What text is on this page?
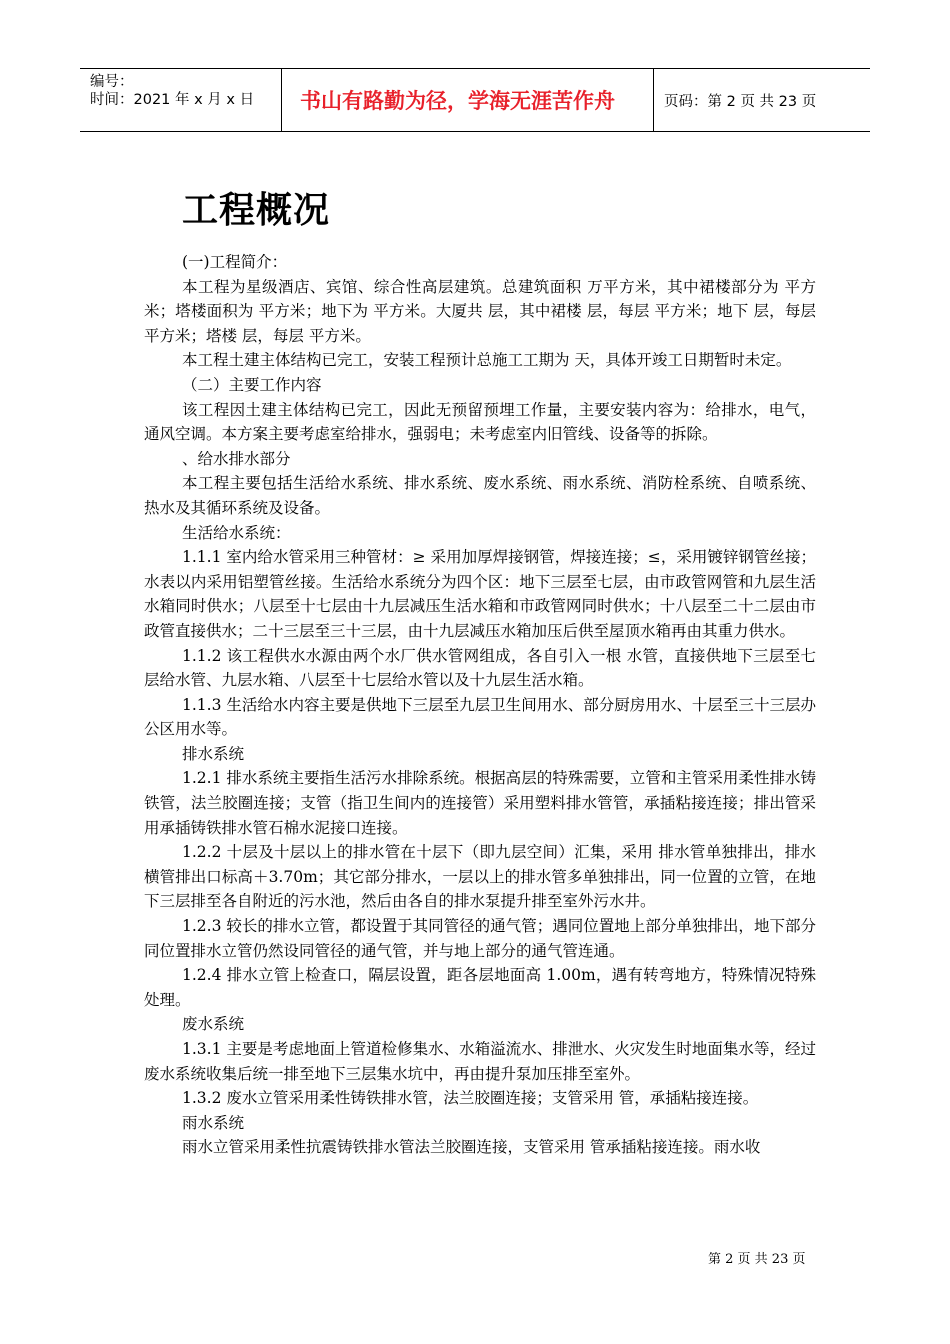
编号：
时间：2021 年 x 月 x 日	书山有路勤为径，学海无涯苦作舟	页码：第 2 页 共 23 页
工程概况

(一)工程简介：

本工程为星级酒店、宾馆、综合性高层建筑。总建筑面积 万平方米，其中裙楼部分为 平方米；塔楼面积为 平方米；地下为 平方米。大厦共 层，其中裙楼 层，每层 平方米；地下 层，每层 平方米；塔楼 层，每层 平方米。

本工程土建主体结构已完工，安装工程预计总施工工期为 天，具体开竣工日期暂时未定。

（二）主要工作内容

该工程因土建主体结构已完工，因此无预留预埋工作量，主要安装内容为：给排水，电气，通风空调。本方案主要考虑室给排水，强弱电；未考虑室内旧管线、设备等的拆除。

、给水排水部分

本工程主要包括生活给水系统、排水系统、废水系统、雨水系统、消防栓系统、自喷系统、热水及其循环系统及设备。

生活给水系统：

1.1.1 室内给水管采用三种管材：≥ 采用加厚焊接钢管，焊接连接；≤，采用镀锌钢管丝接；水表以内采用铝塑管丝接。生活给水系统分为四个区：地下三层至七层，由市政管网管和九层生活水箱同时供水；八层至十七层由十九层减压生活水箱和市政管网同时供水；十八层至二十二层由市政管直接供水；二十三层至三十三层，由十九层减压水箱加压后供至屋顶水箱再由其重力供水。

1.1.2 该工程供水水源由两个水厂供水管网组成，各自引入一根 水管，直接供地下三层至七层给水管、九层水箱、八层至十七层给水管以及十九层生活水箱。

1.1.3 生活给水内容主要是供地下三层至九层卫生间用水、部分厨房用水、十层至三十三层办公区用水等。

排水系统

1.2.1 排水系统主要指生活污水排除系统。根据高层的特殊需要，立管和主管采用柔性排水铸铁管，法兰胶圈连接；支管（指卫生间内的连接管）采用塑料排水管管，承插粘接连接；排出管采用承插铸铁排水管石棉水泥接口连接。

1.2.2 十层及十层以上的排水管在十层下（即九层空间）汇集，采用 排水管单独排出，排水横管排出口标高＋3.70m；其它部分排水，一层以上的排水管多单独排出，同一位置的立管，在地下三层排至各自附近的污水池，然后由各自的排水泵提升排至室外污水井。

1.2.3 较长的排水立管，都设置于其同管径的通气管；遇同位置地上部分单独排出，地下部分同位置排水立管仍然设同管径的通气管，并与地上部分的通气管连通。

1.2.4 排水立管上检查口，隔层设置，距各层地面高 1.00m，遇有转弯地方，特殊情况特殊处理。

废水系统

1.3.1 主要是考虑地面上管道检修集水、水箱溢流水、排泄水、火灾发生时地面集水等，经过废水系统收集后统一排至地下三层集水坑中，再由提升泵加压排至室外。

1.3.2 废水立管采用柔性铸铁排水管，法兰胶圈连接；支管采用 管，承插粘接连接。

雨水系统

雨水立管采用柔性抗震铸铁排水管法兰胶圈连接，支管采用 管承插粘接连接。雨水收

第 2 页 共 23 页
